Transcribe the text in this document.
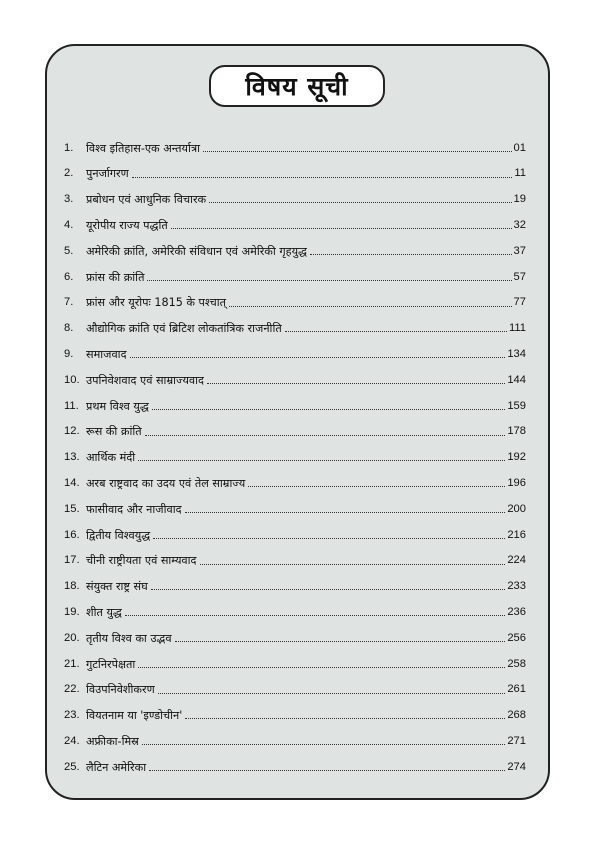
विषय सूची
1.	विश्व इतिहास-एक अन्तर्यात्रा	01
2.	पुनर्जागरण	11
3.	प्रबोधन एवं आधुनिक विचारक	19
4.	यूरोपीय राज्य पद्धति	32
5.	अमेरिकी क्रांति, अमेरिकी संविधान एवं अमेरिकी गृहयुद्ध	37
6.	फ्रांस की क्रांति	57
7.	फ्रांस और यूरोपः 1815 के पश्चात्	77
8.	औद्योगिक क्रांति एवं ब्रिटिश लोकतांत्रिक राजनीति	111
9.	समाजवाद	134
10. उपनिवेशवाद एवं साम्राज्यवाद	144
11. प्रथम विश्व युद्ध	159
12. रूस की क्रांति	178
13. आर्थिक मंदी	192
14. अरब राष्ट्रवाद का उदय एवं तेल साम्राज्य	196
15. फासीवाद और नाजीवाद	200
16. द्वितीय विश्वयुद्ध	216
17. चीनी राष्ट्रीयता एवं साम्यवाद	224
18. संयुक्त राष्ट्र संघ	233
19. शीत युद्ध	236
20. तृतीय विश्व का उद्भव	256
21. गुटनिरपेक्षता	258
22. विउपनिवेशीकरण	261
23. वियतनाम या 'इण्डोचीन'	268
24. अफ्रीका-मिस्र	271
25. लैटिन अमेरिका	274
